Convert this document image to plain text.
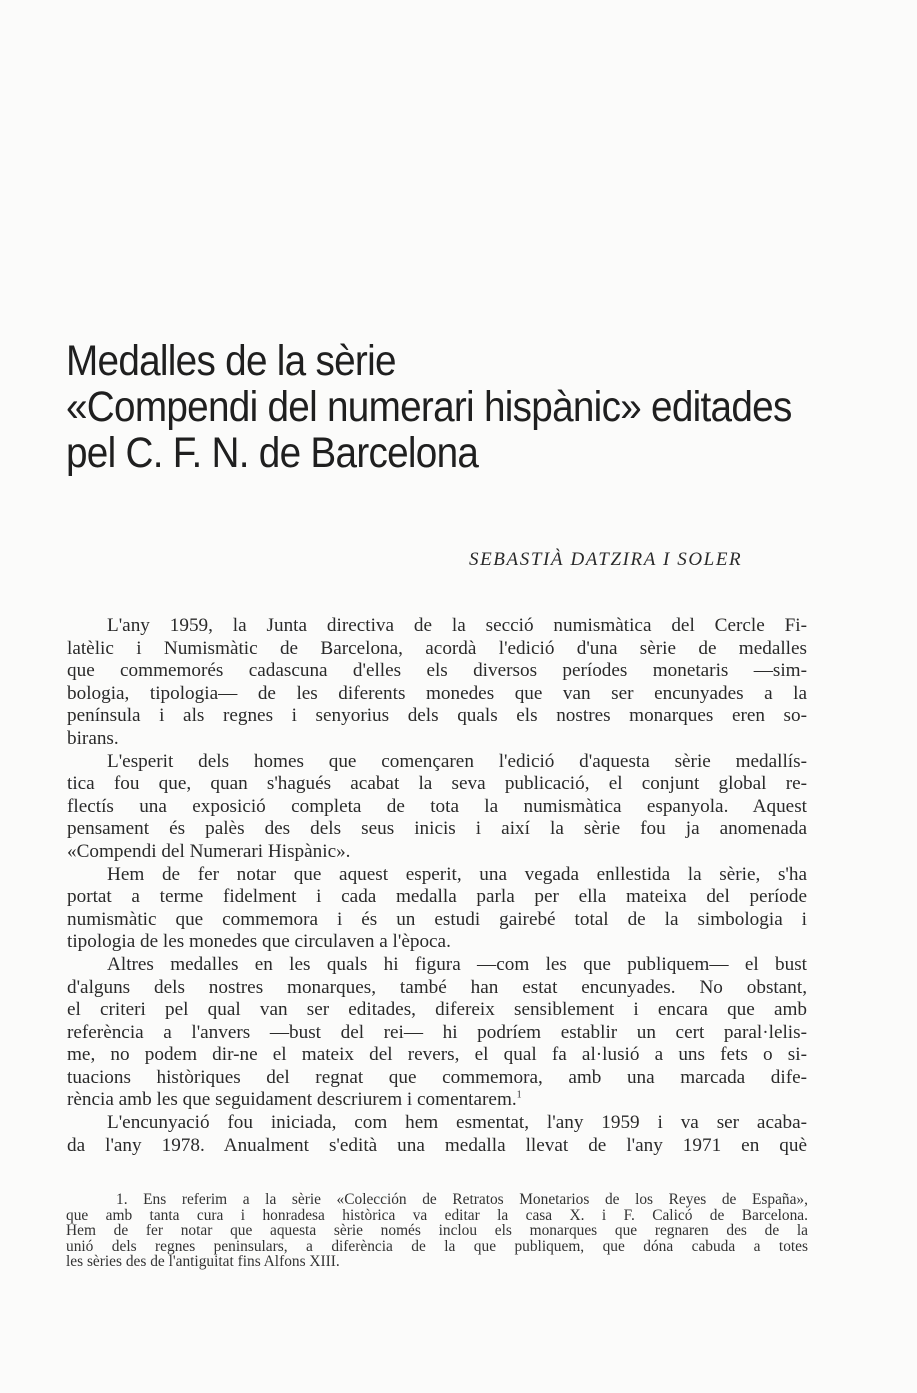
Medalles de la sèrie
«Compendi del numerari hispànic» editades
pel C. F. N. de Barcelona
SEBASTIÀ DATZIRA I SOLER
L'any 1959, la Junta directiva de la secció numismàtica del Cercle Fi-
latèlic i Numismàtic de Barcelona, acordà l'edició d'una sèrie de medalles
que commemorés cadascuna d'elles els diversos períodes monetaris —sim-
bologia, tipologia— de les diferents monedes que van ser encunyades a la
península i als regnes i senyorius dels quals els nostres monarques eren so-
birans.
L'esperit dels homes que començaren l'edició d'aquesta sèrie medallís-
tica fou que, quan s'hagués acabat la seva publicació, el conjunt global re-
flectís una exposició completa de tota la numismàtica espanyola. Aquest
pensament és palès des dels seus inicis i així la sèrie fou ja anomenada
«Compendi del Numerari Hispànic».
Hem de fer notar que aquest esperit, una vegada enllestida la sèrie, s'ha
portat a terme fidelment i cada medalla parla per ella mateixa del període
numismàtic que commemora i és un estudi gairebé total de la simbologia i
tipologia de les monedes que circulaven a l'època.
Altres medalles en les quals hi figura —com les que publiquem— el bust
d'alguns dels nostres monarques, també han estat encunyades. No obstant,
el criteri pel qual van ser editades, difereix sensiblement i encara que amb
referència a l'anvers —bust del rei— hi podríem establir un cert paral·lelis-
me, no podem dir-ne el mateix del revers, el qual fa al·lusió a uns fets o si-
tuacions històriques del regnat que commemora, amb una marcada dife-
rència amb les que seguidament descriurem i comentarem.$^1$
L'encunyació fou iniciada, com hem esmentat, l'any 1959 i va ser acaba-
da l'any 1978. Anualment s'edità una medalla llevat de l'any 1971 en què
1. Ens referim a la sèrie «Colección de Retratos Monetarios de los Reyes de España»,
que amb tanta cura i honradesa històrica va editar la casa X. i F. Calicó de Barcelona.
Hem de fer notar que aquesta sèrie només inclou els monarques que regnaren des de la
unió dels regnes peninsulars, a diferència de la que publiquem, que dóna cabuda a totes
les sèries des de l'antiguitat fins Alfons XIII.
